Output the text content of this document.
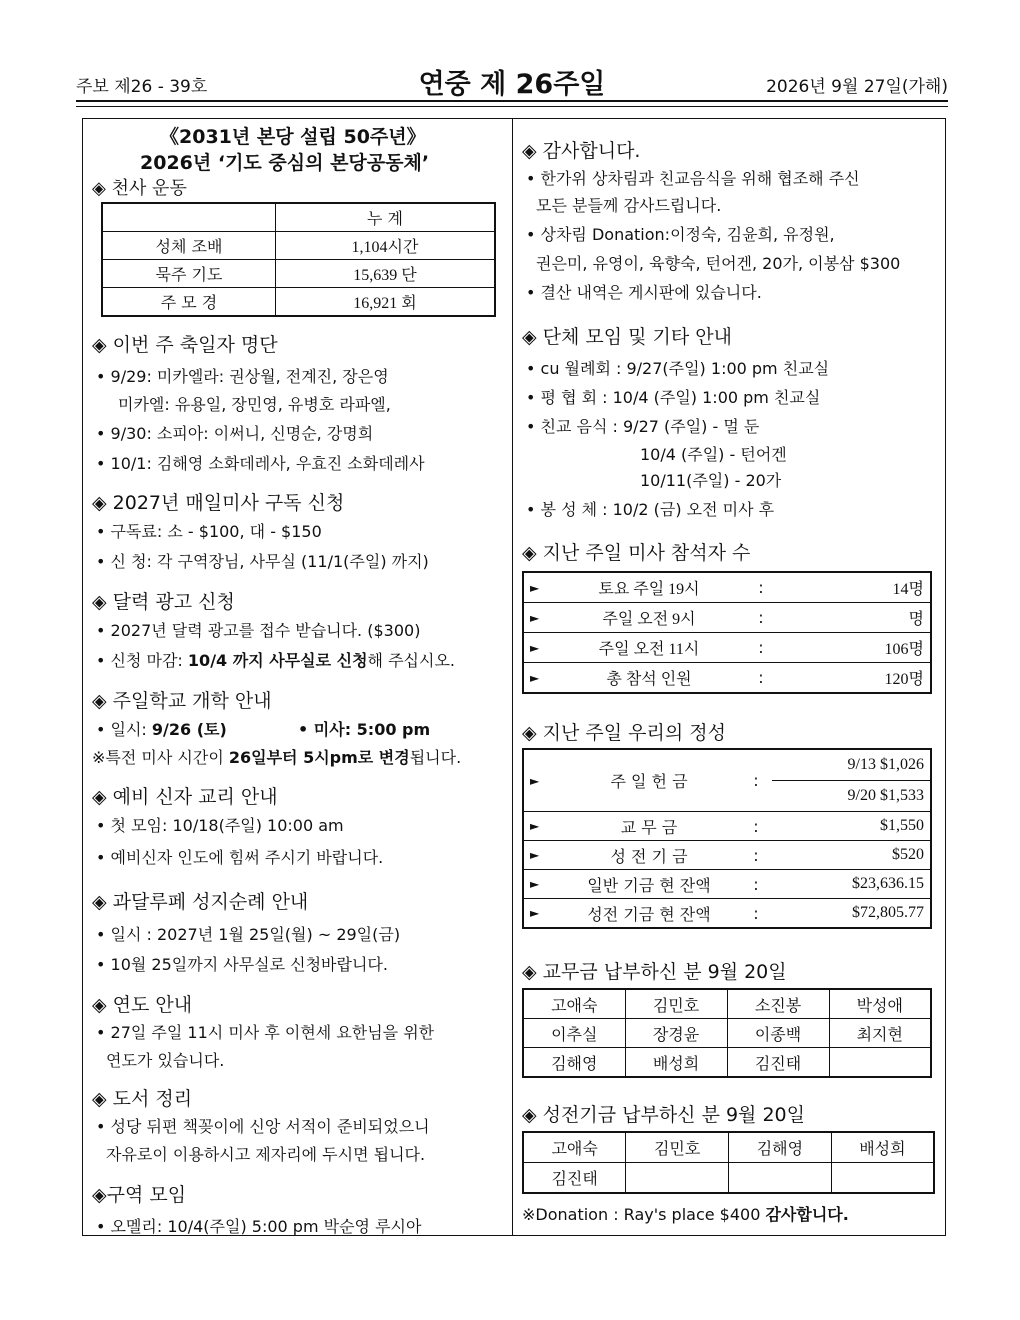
주보 제26 - 39호	연중 제 26주일	2026년 9월 27일(가해)
《2031년 본당 설립 50주년》
2026년 ‘기도 중심의 본당공동체’
◈ 천사 운동
	누 계
성체 조배	1,104시간
묵주 기도	15,639 단
주 모 경	16,921 회
◈ 이번 주 축일자 명단
• 9/29: 미카엘라: 권상월, 전계진, 장은영
미카엘: 유용일, 장민영, 유병호 라파엘,
• 9/30: 소피아: 이써니, 신명순, 강명희
• 10/1: 김해영 소화데레사, 우효진 소화데레사
◈ 2027년 매일미사 구독 신청
• 구독료: 소 - $100, 대 - $150
• 신 청: 각 구역장님, 사무실 (11/1(주일) 까지)
◈ 달력 광고 신청
• 2027년 달력 광고를 접수 받습니다. ($300)
• 신청 마감: 10/4 까지 사무실로 신청해 주십시오.
◈ 주일학교 개학 안내
• 일시: 9/26 (토)	• 미사: 5:00 pm
※특전 미사 시간이 26일부터 5시pm로 변경됩니다.
◈ 예비 신자 교리 안내
• 첫 모임: 10/18(주일) 10:00 am
• 예비신자 인도에 힘써 주시기 바랍니다.
◈ 과달루페 성지순례 안내
• 일시 : 2027년 1월 25일(월) ~ 29일(금)
• 10월 25일까지 사무실로 신청바랍니다.
◈ 연도 안내
• 27일 주일 11시 미사 후 이현세 요한님을 위한
연도가 있습니다.
◈ 도서 정리
• 성당 뒤편 책꽂이에 신앙 서적이 준비되었으니
자유로이 이용하시고 제자리에 두시면 됩니다.
◈구역 모임
• 오멜리: 10/4(주일) 5:00 pm 박순영 루시아
◈ 감사합니다.
• 한가위 상차림과 친교음식을 위해 협조해 주신
모든 분들께 감사드립니다.
• 상차림 Donation:이정숙, 김윤희, 유정원,
권은미, 유영이, 육향숙, 턴어겐, 20가, 이봉삼 $300
• 결산 내역은 게시판에 있습니다.
◈ 단체 모임 및 기타 안내
• cu 월례회 : 9/27(주일) 1:00 pm 친교실
• 평 협 회 : 10/4 (주일) 1:00 pm 친교실
• 친교 음식 : 9/27 (주일) - 멀 둔
10/4 (주일) - 턴어겐
10/11(주일) - 20가
• 봉 성 체 : 10/2 (금) 오전 미사 후
◈ 지난 주일 미사 참석자 수
►	토요 주일 19시	:	14명
►	주일 오전 9시	:	명
►	주일 오전 11시	:	106명
►	총 참석 인원	:	120명
◈ 지난 주일 우리의 정성
►	주 일 헌 금	:	9/13 $1,026
			9/20 $1,533
►	교 무 금	:	$1,550
►	성 전 기 금	:	$520
►	일반 기금 현 잔액	:	$23,636.15
►	성전 기금 현 잔액	:	$72,805.77
◈ 교무금 납부하신 분 9월 20일
고애숙	김민호	소진봉	박성애
이추실	장경윤	이종백	최지현
김해영	배성희	김진태	
◈ 성전기금 납부하신 분 9월 20일
고애숙	김민호	김해영	배성희
김진태			
※Donation : Ray's place $400 감사합니다.
